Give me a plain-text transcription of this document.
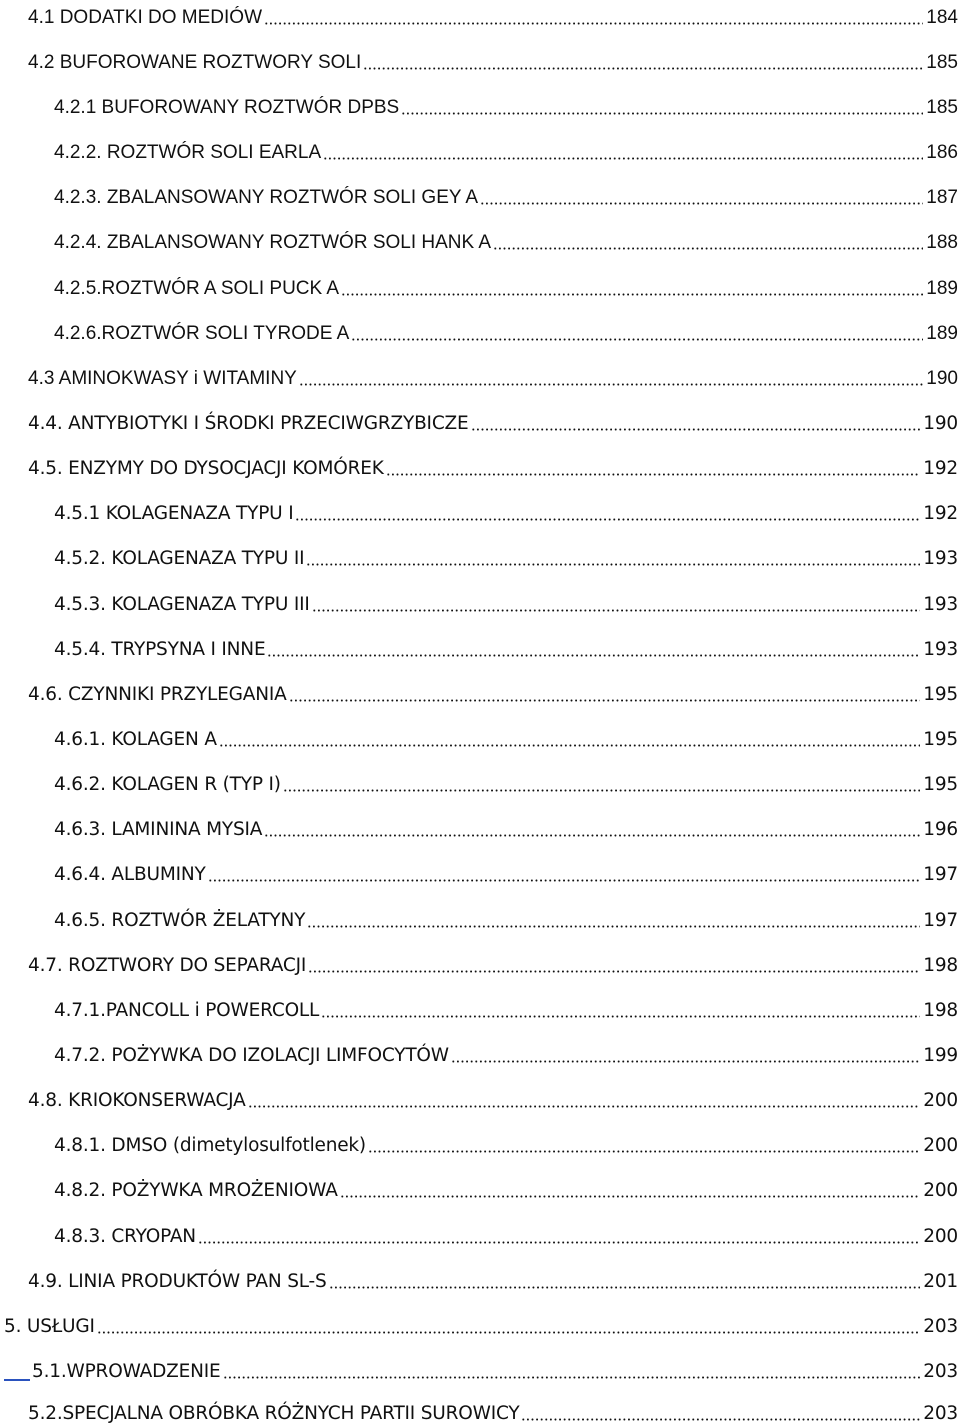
4.1 DODATKI DO MEDIÓW	184
4.2 BUFOROWANE ROZTWORY SOLI	185
4.2.1 BUFOROWANY ROZTWÓR DPBS	185
4.2.2. ROZTWÓR SOLI EARLA	186
4.2.3. ZBALANSOWANY ROZTWÓR SOLI GEY A	187
4.2.4. ZBALANSOWANY ROZTWÓR SOLI HANK A	188
4.2.5.ROZTWÓR A SOLI PUCK A	189
4.2.6.ROZTWÓR SOLI TYRODE A	189
4.3 AMINOKWASY i WITAMINY	190
4.4. ANTYBIOTYKI I ŚRODKI PRZECIWGRZYBICZE	190
4.5. ENZYMY DO DYSOCJACJI KOMÓREK	192
4.5.1 KOLAGENAZA TYPU I	192
4.5.2. KOLAGENAZA TYPU II	193
4.5.3. KOLAGENAZA TYPU III	193
4.5.4. TRYPSYNA I INNE	193
4.6. CZYNNIKI PRZYLEGANIA	195
4.6.1. KOLAGEN A	195
4.6.2. KOLAGEN R (TYP I)	195
4.6.3. LAMININA MYSIA	196
4.6.4. ALBUMINY	197
4.6.5. ROZTWÓR ŻELATYNY	197
4.7. ROZTWORY DO SEPARACJI	198
4.7.1.PANCOLL i POWERCOLL	198
4.7.2. POŻYWKA DO IZOLACJI LIMFOCYTÓW	199
4.8. KRIOKONSERWACJA	200
4.8.1. DMSO (dimetylosulfotlenek)	200
4.8.2. POŻYWKA MROŻENIOWA	200
4.8.3. CRYOPAN	200
4.9. LINIA PRODUKTÓW PAN SL-S	201
5. USŁUGI	203
5.1.WPROWADZENIE	203
5.2.SPECJALNA OBRÓBKA RÓŻNYCH PARTII SUROWICY	203
